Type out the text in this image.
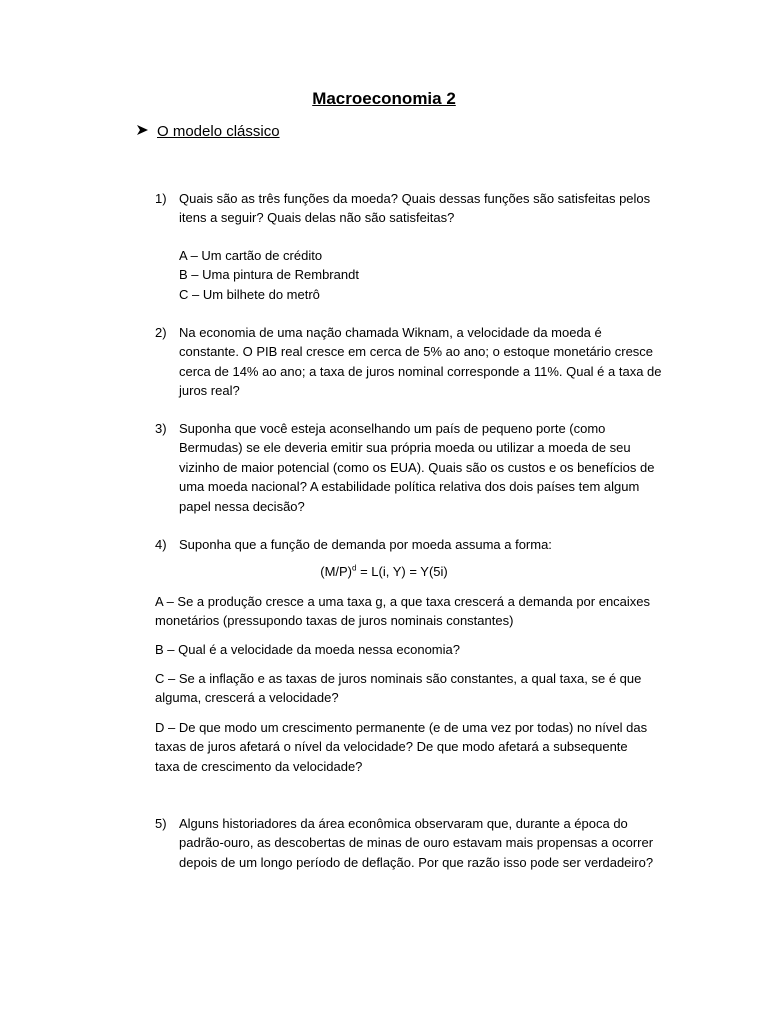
Macroeconomia 2
O modelo clássico
1) Quais são as três funções da moeda? Quais dessas funções são satisfeitas pelos itens a seguir? Quais delas não são satisfeitas?
A – Um cartão de crédito
B – Uma pintura de Rembrandt
C – Um bilhete do metrô
2) Na economia de uma nação chamada Wiknam, a velocidade da moeda é constante. O PIB real cresce em cerca de 5% ao ano; o estoque monetário cresce cerca de 14% ao ano; a taxa de juros nominal corresponde a 11%. Qual é a taxa de juros real?
3) Suponha que você esteja aconselhando um país de pequeno porte (como Bermudas) se ele deveria emitir sua própria moeda ou utilizar a moeda de seu vizinho de maior potencial (como os EUA). Quais são os custos e os benefícios de uma moeda nacional? A estabilidade política relativa dos dois países tem algum papel nessa decisão?
4) Suponha que a função de demanda por moeda assuma a forma:
$(M/P)^d = L(i$, Y) = Y(5i)
A – Se a produção cresce a uma taxa g, a que taxa crescerá a demanda por encaixes monetários (pressupondo taxas de juros nominais constantes)
B – Qual é a velocidade da moeda nessa economia?
C – Se a inflação e as taxas de juros nominais são constantes, a qual taxa, se é que alguma, crescerá a velocidade?
D – De que modo um crescimento permanente (e de uma vez por todas) no nível das taxas de juros afetará o nível da velocidade? De que modo afetará a subsequente taxa de crescimento da velocidade?
5) Alguns historiadores da área econômica observaram que, durante a época do padrão-ouro, as descobertas de minas de ouro estavam mais propensas a ocorrer depois de um longo período de deflação. Por que razão isso pode ser verdadeiro?
